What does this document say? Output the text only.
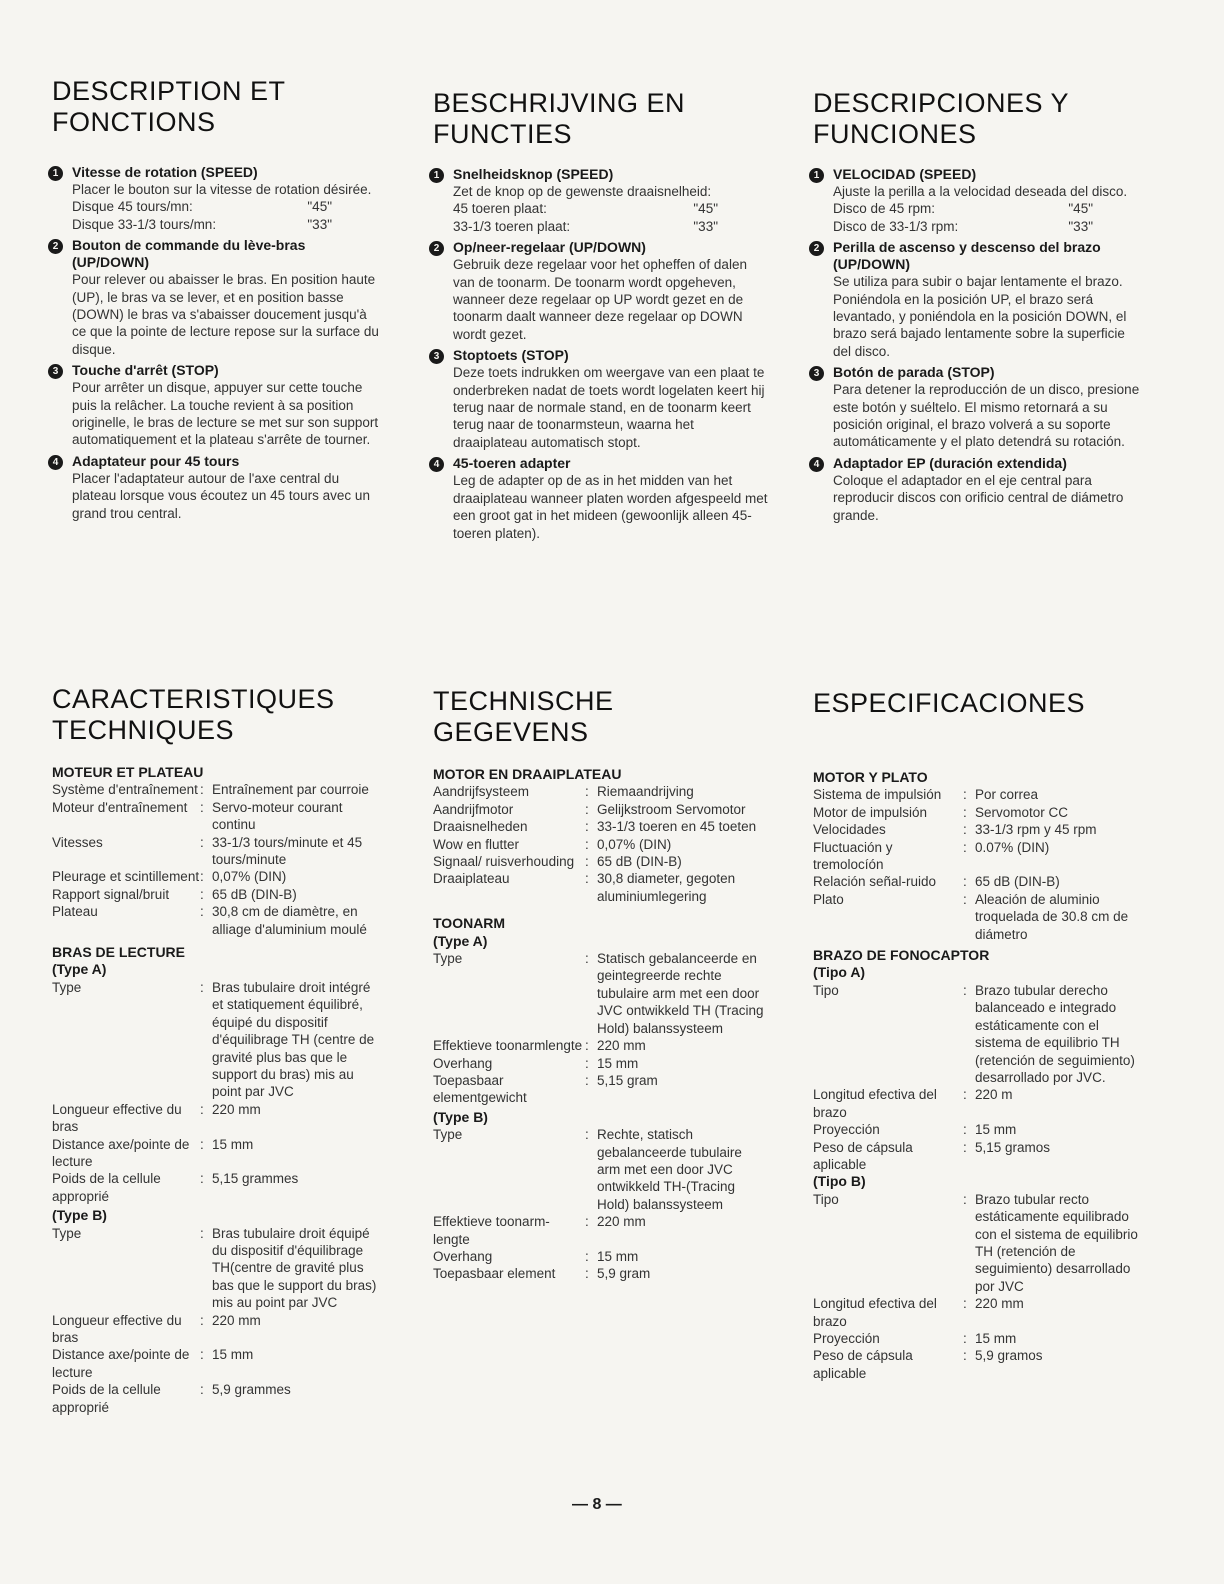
DESCRIPTION ET
FONCTIONS
1 Vitesse de rotation (SPEED)
Placer le bouton sur la vitesse de rotation désirée.
Disque 45 tours/mn:	"45"
Disque 33-1/3 tours/mn:	"33"
2 Bouton de commande du lève-bras (UP/DOWN)
Pour relever ou abaisser le bras. En position haute (UP), le bras va se lever, et en position basse (DOWN) le bras va s'abaisser doucement jusqu'à ce que la pointe de lecture repose sur la surface du disque.
3 Touche d'arrêt (STOP)
Pour arrêter un disque, appuyer sur cette touche puis la relâcher. La touche revient à sa position originelle, le bras de lecture se met sur son support automatiquement et la plateau s'arrête de tourner.
4 Adaptateur pour 45 tours
Placer l'adaptateur autour de l'axe central du plateau lorsque vous écoutez un 45 tours avec un grand trou central.
BESCHRIJVING EN
FUNCTIES
1 Snelheidsknop (SPEED)
Zet de knop op de gewenste draaisnelheid:
45 toeren plaat:	"45"
33-1/3 toeren plaat:	"33"
2 Op/neer-regelaar (UP/DOWN)
Gebruik deze regelaar voor het opheffen of dalen van de toonarm. De toonarm wordt opgeheven, wanneer deze regelaar op UP wordt gezet en de toonarm daalt wanneer deze regelaar op DOWN wordt gezet.
3 Stoptoets (STOP)
Deze toets indrukken om weergave van een plaat te onderbreken nadat de toets wordt logelaten keert hij terug naar de normale stand, en de toonarm keert terug naar de toonarmsteun, waarna het draaiplateau automatisch stopt.
4 45-toeren adapter
Leg de adapter op de as in het midden van het draaiplateau wanneer platen worden afgespeeld met een groot gat in het mideen (gewoonlijk alleen 45-toeren platen).
DESCRIPCIONES Y
FUNCIONES
1 VELOCIDAD (SPEED)
Ajuste la perilla a la velocidad deseada del disco.
Disco de 45 rpm:	"45"
Disco de 33-1/3 rpm:	"33"
2 Perilla de ascenso y descenso del brazo (UP/DOWN)
Se utiliza para subir o bajar lentamente el brazo. Poniéndola en la posición UP, el brazo será levantado, y poniéndola en la posición DOWN, el brazo será bajado lentamente sobre la superficie del disco.
3 Botón de parada (STOP)
Para detener la reproducción de un disco, presione este botón y suéltelo. El mismo retornará a su posición original, el brazo volverá a su soporte automáticamente y el plato detendrá su rotación.
4 Adaptador EP (duración extendida)
Coloque el adaptador en el eje central para reproducir discos con orificio central de diámetro grande.
CARACTERISTIQUES
TECHNIQUES
MOTEUR ET PLATEAU
Système d'entraînement : Entraînement par courroie
Moteur d'entraînement : Servo-moteur courant continu
Vitesses	: 33-1/3 tours/minute et 45 tours/minute
Pleurage et scintillement : 0,07% (DIN)
Rapport signal/bruit	: 65 dB (DIN-B)
Plateau	: 30,8 cm de diamètre, en alliage d'aluminium moulé
BRAS DE LECTURE
(Type A)
Type	: Bras tubulaire droit intégré et statiquement équilibré, équipé du dispositif d'équilibrage TH (centre de gravité plus bas que le support du bras) mis au point par JVC
Longueur effective du bras
: 220 mm
Distance axe/pointe de lecture
: 15 mm
Poids de la cellule approprié
: 5,15 grammes
(Type B)
Type	: Bras tubulaire droit équipé du dispositif d'équilibrage TH(centre de gravité plus bas que le support du bras) mis au point par JVC
Longueur effective du bras
: 220 mm
Distance axe/pointe de lecture
: 15 mm
Poids de la cellule approprié
: 5,9 grammes
TECHNISCHE
GEGEVENS
MOTOR EN DRAAIPLATEAU
Aandrijfsysteem	: Riemaandrijving
Aandrijfmotor	: Gelijkstroom Servomotor
Draaisnelheden	: 33-1/3 toeren en 45 toeten
Wow en flutter	: 0,07% (DIN)
Signaal/ ruisverhouding : 65 dB (DIN-B)
Draaiplateau	: 30,8 diameter, gegoten aluminiumlegering
TOONARM
(Type A)
Type	: Statisch gebalanceerde en geintegreerde rechte tubulaire arm met een door JVC ontwikkeld TH (Tracing Hold) balanssysteem
Effektieve toonarmlengte : 220 mm
Overhang	: 15 mm
Toepasbaar elementgewicht
: 5,15 gram
(Type B)
Type	: Rechte, statisch gebalanceerde tubulaire arm met een door JVC ontwikkeld TH-(Tracing Hold) balanssysteem
Effektieve toonarm-lengte
: 220 mm
Overhang	: 15 mm
Toepasbaar element	: 5,9 gram
ESPECIFICACIONES
MOTOR Y PLATO
Sistema de impulsión	: Por correa
Motor de impulsión	: Servomotor CC
Velocidades	: 33-1/3 rpm y 45 rpm
Fluctuación y tremolocíón
: 0.07% (DIN)
Relación señal-ruido	: 65 dB (DIN-B)
Plato	: Aleación de aluminio troquelada de 30.8 cm de diámetro
BRAZO DE FONOCAPTOR
(Tipo A)
Tipo	: Brazo tubular derecho balanceado e integrado estáticamente con el sistema de equilibrio TH (retención de seguimiento) desarrollado por JVC.
Longitud efectiva del brazo
: 220 m
Proyección	: 15 mm
Peso de cápsula aplicable
: 5,15 gramos
(Tipo B)
Tipo	: Brazo tubular recto estáticamente equilibrado con el sistema de equilibrio TH (retención de seguimiento) desarrollado por JVC
Longitud efectiva del brazo
: 220 mm
Proyección	: 15 mm
Peso de cápsula aplicable
: 5,9 gramos
— 8 —
